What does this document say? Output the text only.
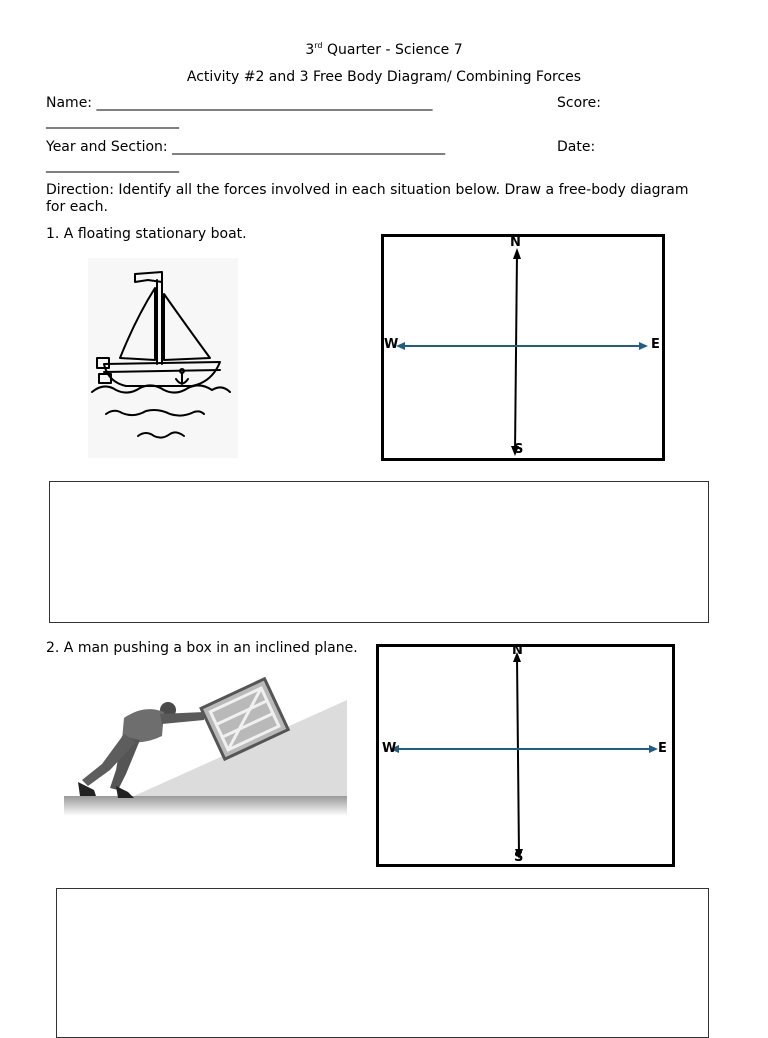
3rd Quarter - Science 7
Activity #2 and 3 Free Body Diagram/ Combining Forces
Name: ________________________________________________	Score:
___________________
Year and Section: _______________________________________	Date:
___________________
Direction: Identify all the forces involved in each situation below. Draw a free-body diagram
for each.
1. A floating stationary boat.
N
S
E
W
2. A man pushing a box in an inclined plane.	N
S
E
W
